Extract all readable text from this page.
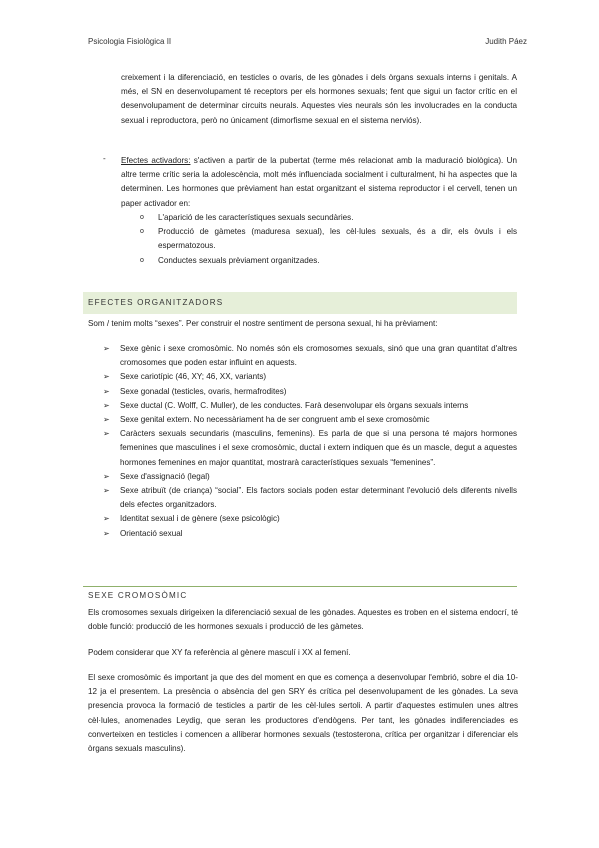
Psicologia Fisiològica II	Judith Páez
creixement i la diferenciació, en testicles o ovaris, de les gònades i dels òrgans sexuals interns i genitals. A més, el SN en desenvolupament té receptors per els hormones sexuals; fent que sigui un factor crític en el desenvolupament de determinar circuits neurals. Aquestes vies neurals són les involucrades en la conducta sexual i reproductora, però no únicament (dimorfisme sexual en el sistema nerviós).
- Efectes activadors: s'activen a partir de la pubertat (terme més relacionat amb la maduració biològica). Un altre terme crític seria la adolescència, molt més influenciada socialment i culturalment, hi ha aspectes que la determinen. Les hormones que prèviament han estat organitzant el sistema reproductor i el cervell, tenen un paper activador en:
o L'aparició de les característiques sexuals secundàries.
o Producció de gàmetes (maduresa sexual), les cèl·lules sexuals, és a dir, els òvuls i els espermatozous.
o Conductes sexuals prèviament organitzades.
EFECTES ORGANITZADORS
Som / tenim molts “sexes”. Per construir el nostre sentiment de persona sexual, hi ha prèviament:
➢ Sexe gènic i sexe cromosòmic. No només són els cromosomes sexuals, sinó que una gran quantitat d'altres cromosomes que poden estar influint en aquests.
➢ Sexe cariotípic (46, XY; 46, XX, variants)
➢ Sexe gonadal (testicles, ovaris, hermafrodites)
➢ Sexe ductal (C. Wolff, C. Muller), de les conductes. Farà desenvolupar els òrgans sexuals interns
➢ Sexe genital extern. No necessàriament ha de ser congruent amb el sexe cromosòmic
➢ Caràcters sexuals secundaris (masculins, femenins). Es parla de que si una persona té majors hormones femenines que masculines i el sexe cromosòmic, ductal i extern indiquen que és un mascle, degut a aquestes hormones femenines en major quantitat, mostrarà característiques sexuals “femenines”.
➢ Sexe d'assignació (legal)
➢ Sexe atribuït (de criança) “social”. Els factors socials poden estar determinant l'evolució dels diferents nivells dels efectes organitzadors.
➢ Identitat sexual i de gènere (sexe psicològic)
➢ Orientació sexual
SEXE CROMOSÒMIC
Els cromosomes sexuals dirigeixen la diferenciació sexual de les gònades. Aquestes es troben en el sistema endocrí, té doble funció: producció de les hormones sexuals i producció de les gàmetes.
Podem considerar que XY fa referència al gènere masculí i XX al femení.
El sexe cromosòmic és important ja que des del moment en que es comença a desenvolupar l'embrió, sobre el dia 10-12 ja el presentem. La presència o absència del gen SRY és crítica pel desenvolupament de les gònades. La seva presencia provoca la formació de testicles a partir de les cèl·lules sertoli. A partir d'aquestes estimulen unes altres cèl·lules, anomenades Leydig, que seran les productores d'endògens. Per tant, les gònades indiferenciades es converteixen en testicles i comencen a alliberar hormones sexuals (testosterona, crítica per organitzar i diferenciar els òrgans sexuals masculins).
